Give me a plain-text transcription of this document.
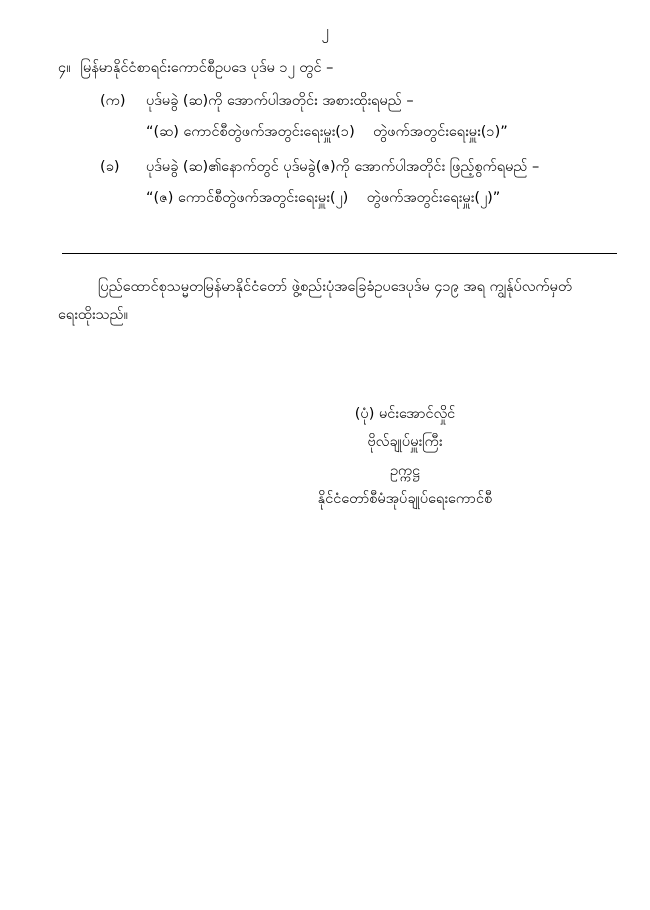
၂
၄။ မြန်မာနိုင်ငံစာရင်းကောင်စီဥပဒေ ပုဒ်မ ၁၂ တွင် –
(က)	ပုဒ်မခွဲ (ဆ)ကို အောက်ပါအတိုင်း အစားထိုးရမည် –
“(ဆ) ကောင်စီတွဲဖက်အတွင်းရေးမှူး(၁)    တွဲဖက်အတွင်းရေးမှူး(၁)”
(ခ)	ပုဒ်မခွဲ (ဆ)၏နောက်တွင် ပုဒ်မခွဲ(ဇ)ကို အောက်ပါအတိုင်း ဖြည့်စွက်ရမည် –
“(ဇ) ကောင်စီတွဲဖက်အတွင်းရေးမှူး(၂)    တွဲဖက်အတွင်းရေးမှူး(၂)”
ပြည်ထောင်စုသမ္မတမြန်မာနိုင်ငံတော် ဖွဲ့စည်းပုံအခြေခံဥပဒေပုဒ်မ ၄၁၉ အရ ကျွန်ုပ်လက်မှတ်
ရေးထိုးသည်။
(ပုံ) မင်းအောင်လှိုင်
ဗိုလ်ချုပ်မှူးကြီး
ဥက္ကဋ္ဌ
နိုင်ငံတော်စီမံအုပ်ချုပ်ရေးကောင်စီ
